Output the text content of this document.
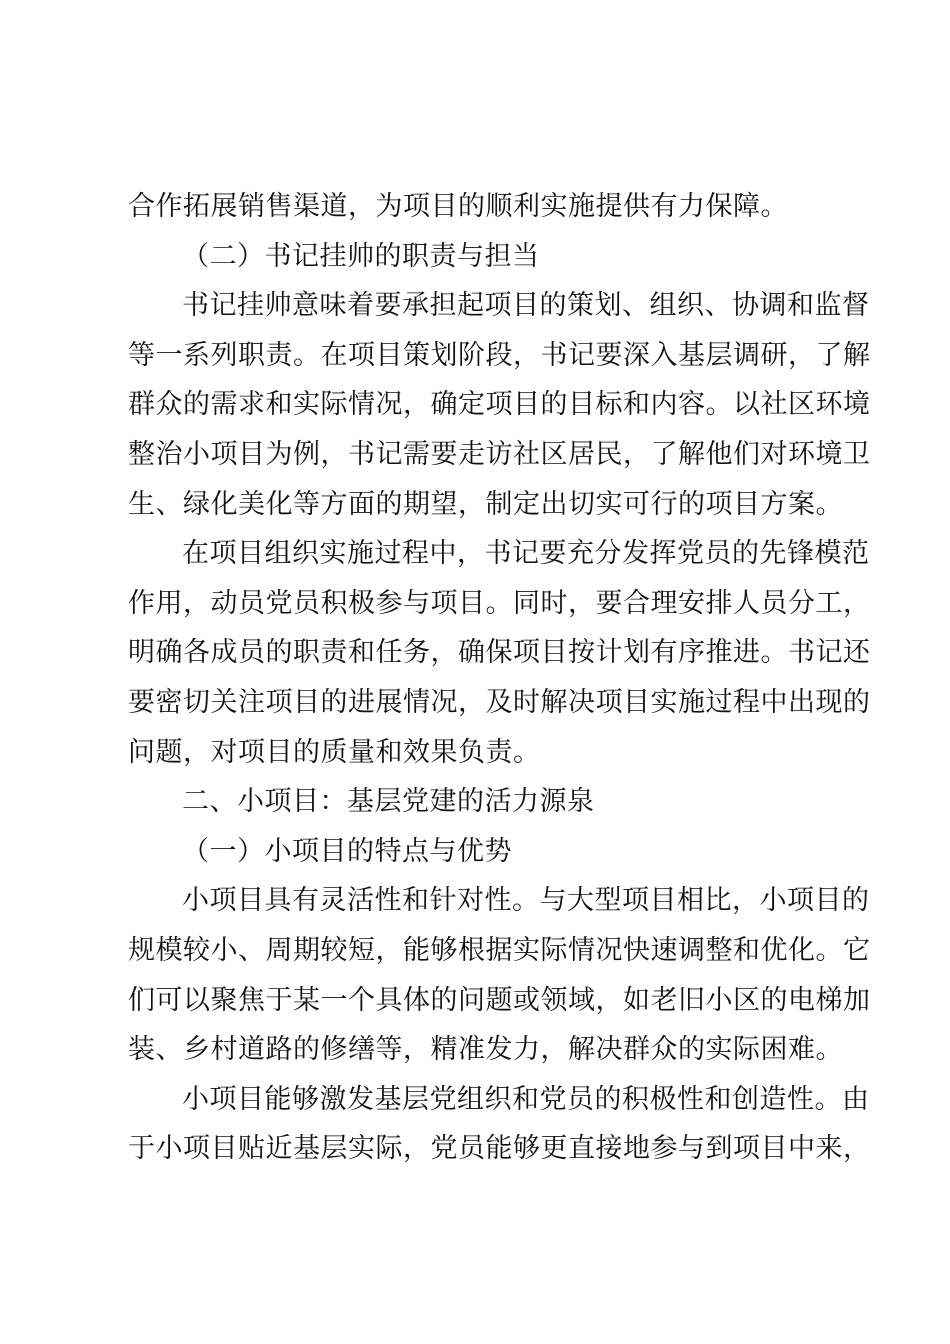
合作拓展销售渠道，为项目的顺利实施提供有力保障。
（二）书记挂帅的职责与担当
书记挂帅意味着要承担起项目的策划、组织、协调和监督
等一系列职责。在项目策划阶段，书记要深入基层调研，了解
群众的需求和实际情况，确定项目的目标和内容。以社区环境
整治小项目为例，书记需要走访社区居民，了解他们对环境卫
生、绿化美化等方面的期望，制定出切实可行的项目方案。
在项目组织实施过程中，书记要充分发挥党员的先锋模范
作用，动员党员积极参与项目。同时，要合理安排人员分工，
明确各成员的职责和任务，确保项目按计划有序推进。书记还
要密切关注项目的进展情况，及时解决项目实施过程中出现的
问题，对项目的质量和效果负责。
二、小项目：基层党建的活力源泉
（一）小项目的特点与优势
小项目具有灵活性和针对性。与大型项目相比，小项目的
规模较小、周期较短，能够根据实际情况快速调整和优化。它
们可以聚焦于某一个具体的问题或领域，如老旧小区的电梯加
装、乡村道路的修缮等，精准发力，解决群众的实际困难。
小项目能够激发基层党组织和党员的积极性和创造性。由
于小项目贴近基层实际，党员能够更直接地参与到项目中来，
